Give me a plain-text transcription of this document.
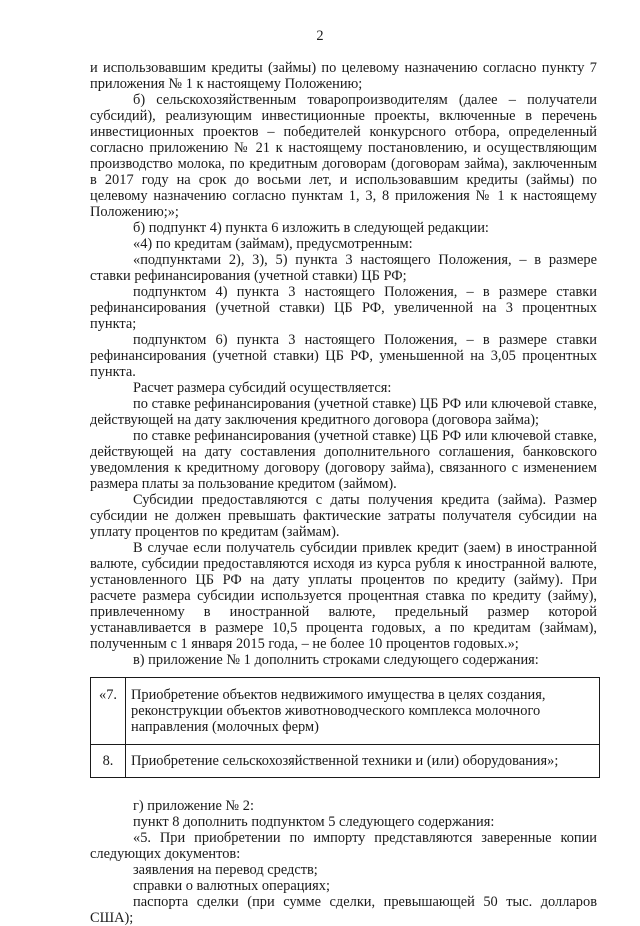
2

и использовавшим кредиты (займы) по целевому назначению согласно пункту 7 приложения № 1 к настоящему Положению;

б) сельскохозяйственным товаропроизводителям (далее – получатели субсидий), реализующим инвестиционные проекты, включенные в перечень инвестиционных проектов – победителей конкурсного отбора, определенный согласно приложению № 21 к настоящему постановлению, и осуществляющим производство молока, по кредитным договорам (договорам займа), заключенным в 2017 году на срок до восьми лет, и использовавшим кредиты (займы) по целевому назначению согласно пунктам 1, 3, 8 приложения № 1 к настоящему Положению;»;

б) подпункт 4) пункта 6 изложить в следующей редакции:

«4) по кредитам (займам), предусмотренным:

«подпунктами 2), 3), 5) пункта 3 настоящего Положения, – в размере ставки рефинансирования (учетной ставки) ЦБ РФ;

подпунктом 4) пункта 3 настоящего Положения, – в размере ставки рефинансирования (учетной ставки) ЦБ РФ, увеличенной на 3 процентных пункта;

подпунктом 6) пункта 3 настоящего Положения, – в размере ставки рефинансирования (учетной ставки) ЦБ РФ, уменьшенной на 3,05 процентных пункта.

Расчет размера субсидий осуществляется:

по ставке рефинансирования (учетной ставке) ЦБ РФ или ключевой ставке, действующей на дату заключения кредитного договора (договора займа);

по ставке рефинансирования (учетной ставке) ЦБ РФ или ключевой ставке, действующей на дату составления дополнительного соглашения, банковского уведомления к кредитному договору (договору займа), связанного с изменением размера платы за пользование кредитом (займом).

Субсидии предоставляются с даты получения кредита (займа). Размер субсидии не должен превышать фактические затраты получателя субсидии на уплату процентов по кредитам (займам).

В случае если получатель субсидии привлек кредит (заем) в иностранной валюте, субсидии предоставляются исходя из курса рубля к иностранной валюте, установленного ЦБ РФ на дату уплаты процентов по кредиту (займу). При расчете размера субсидии используется процентная ставка по кредиту (займу), привлеченному в иностранной валюте, предельный размер которой устанавливается в размере 10,5 процента годовых, а по кредитам (займам), полученным с 1 января 2015 года, – не более 10 процентов годовых.»;

в) приложение № 1 дополнить строками следующего содержания:

«7.	Приобретение объектов недвижимого имущества в целях создания, реконструкции объектов животноводческого комплекса молочного направления (молочных ферм)
8.	Приобретение сельскохозяйственной техники и (или) оборудования»;

г) приложение № 2:

пункт 8 дополнить подпунктом 5 следующего содержания:

«5. При приобретении по импорту представляются заверенные копии следующих документов:

заявления на перевод средств;

справки о валютных операциях;

паспорта сделки (при сумме сделки, превышающей 50 тыс. долларов США);
